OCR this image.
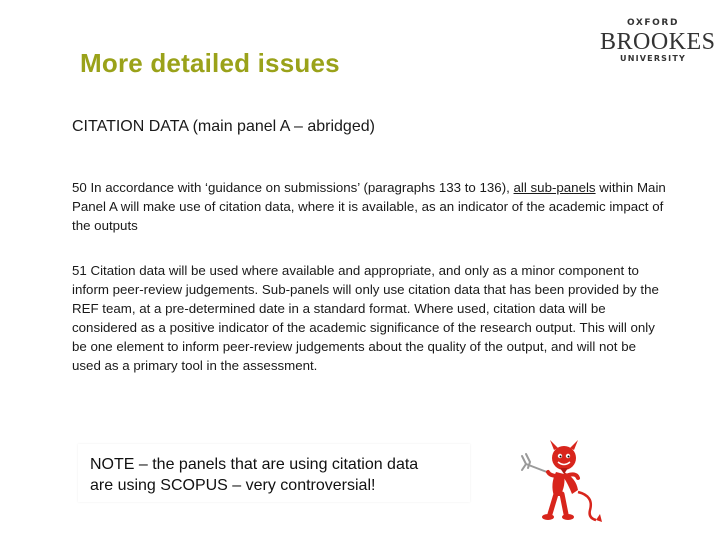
OXFORD
BROOKES
UNIVERSITY
More detailed issues
CITATION DATA (main panel A – abridged)
50 In accordance with ‘guidance on submissions’ (paragraphs 133 to 136), all sub-panels within Main Panel A will make use of citation data, where it is available, as an indicator of the academic impact of the outputs
51 Citation data will be used where available and appropriate, and only as a minor component to inform peer-review judgements. Sub-panels will only use citation data that has been provided by the REF team, at a pre-determined date in a standard format. Where used, citation data will be considered as a positive indicator of the academic significance of the research output. This will only be one element to inform peer-review judgements about the quality of the output, and will not be used as a primary tool in the assessment.
NOTE – the panels that are using citation data
are using SCOPUS – very controversial!
